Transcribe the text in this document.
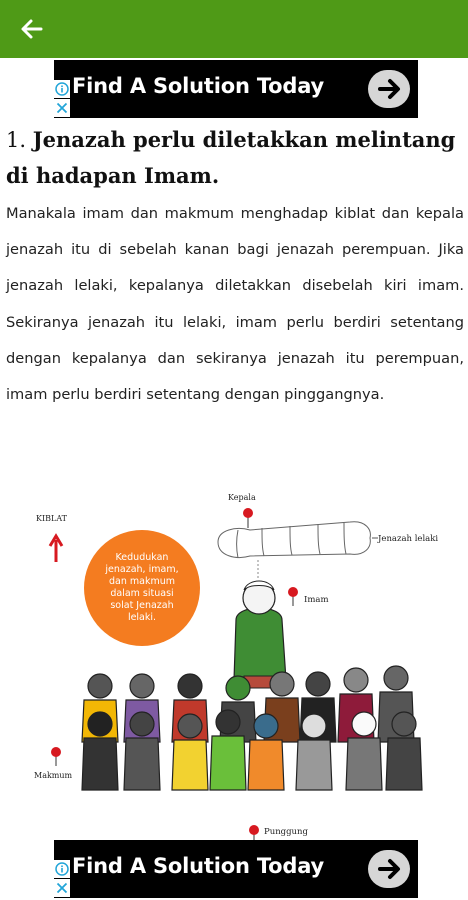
Find A Solution Today
1. Jenazah perlu diletakkan melintang di hadapan Imam.
Manakala imam dan makmum menghadap kiblat dan kepala jenazah itu di sebelah kanan bagi jenazah perempuan. Jika jenazah lelaki, kepalanya diletakkan disebelah kiri imam. Sekiranya jenazah itu lelaki, imam perlu berdiri setentang dengan kepalanya dan sekiranya jenazah itu perempuan, imam perlu berdiri setentang dengan pinggangnya.
KIBLAT
Kedudukan
jenazah, imam,
dan makmum
dalam situasi
solat Jenazah
lelaki.
Kepala
Jenazah lelaki
Imam
Makmum
Punggung
Find A Solution Today
